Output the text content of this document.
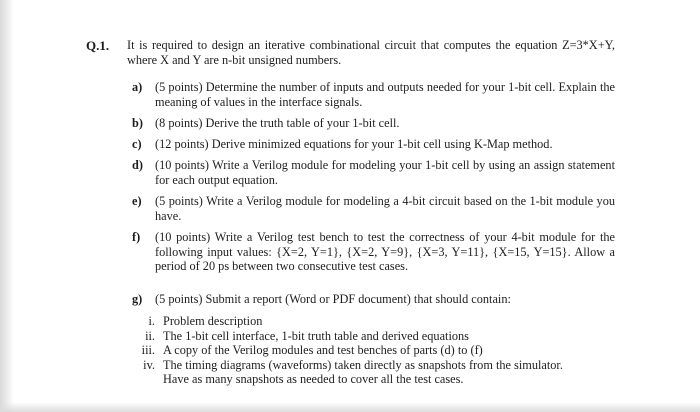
Q.1. It is required to design an iterative combinational circuit that computes the equation Z=3*X+Y, where X and Y are n-bit unsigned numbers.
a) (5 points) Determine the number of inputs and outputs needed for your 1-bit cell. Explain the meaning of values in the interface signals.
b) (8 points) Derive the truth table of your 1-bit cell.
c) (12 points) Derive minimized equations for your 1-bit cell using K-Map method.
d) (10 points) Write a Verilog module for modeling your 1-bit cell by using an assign statement for each output equation.
e) (5 points) Write a Verilog module for modeling a 4-bit circuit based on the 1-bit module you have.
f) (10 points) Write a Verilog test bench to test the correctness of your 4-bit module for the following input values: {X=2, Y=1}, {X=2, Y=9}, {X=3, Y=11}, {X=15, Y=15}. Allow a period of 20 ps between two consecutive test cases.
g) (5 points) Submit a report (Word or PDF document) that should contain:
i. Problem description
ii. The 1-bit cell interface, 1-bit truth table and derived equations
iii. A copy of the Verilog modules and test benches of parts (d) to (f)
iv. The timing diagrams (waveforms) taken directly as snapshots from the simulator.
Have as many snapshots as needed to cover all the test cases.
